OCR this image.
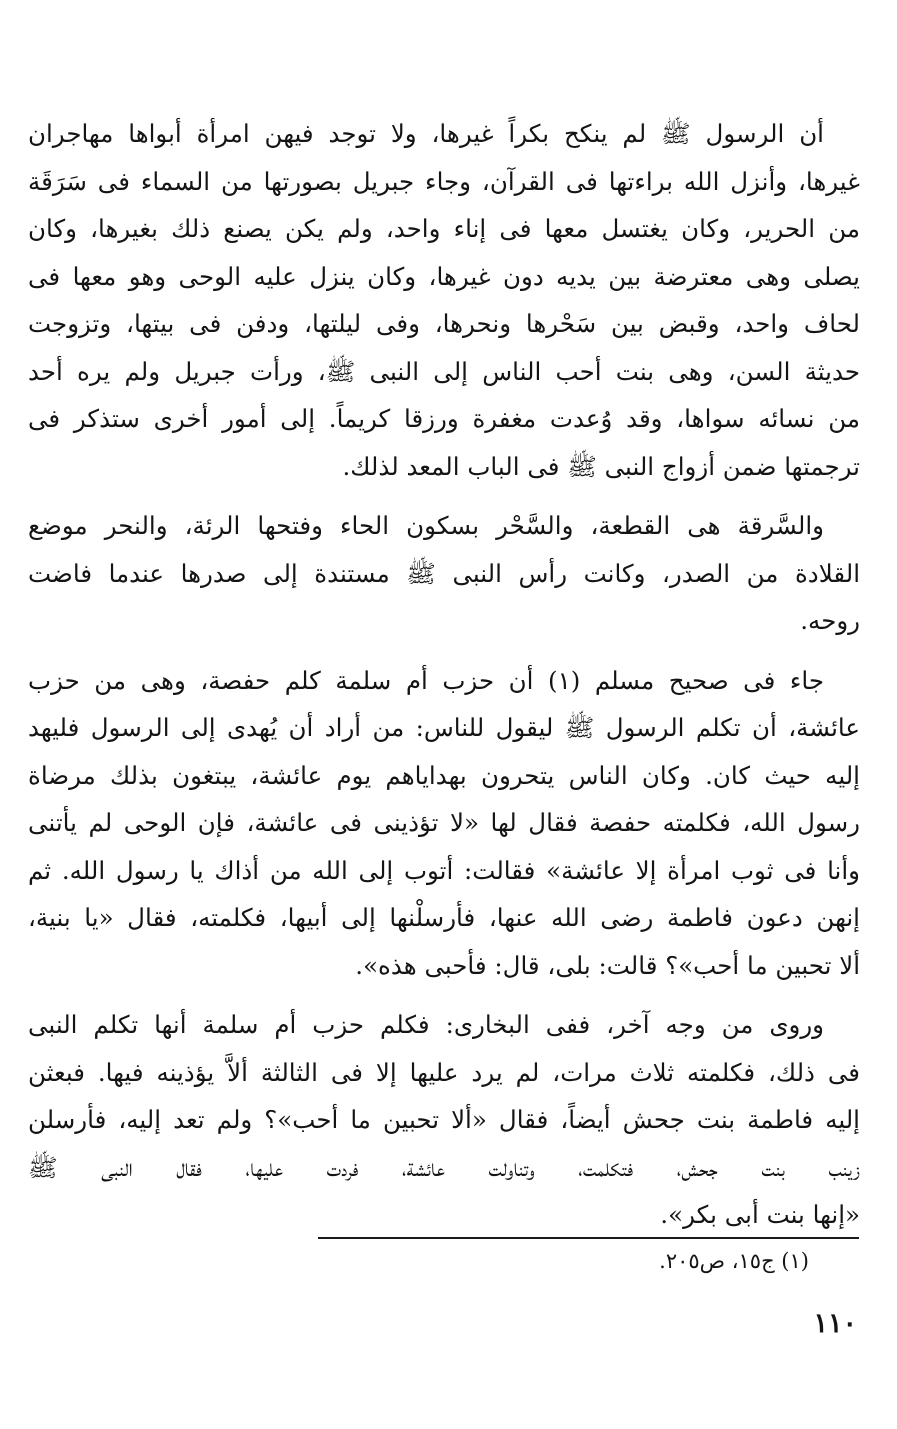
أن الرسول ﷺ لم ينكح بكراً غيرها، ولا توجد فيهن امرأة أبواها مهاجران
غيرها، وأنزل الله براءتها فى القرآن، وجاء جبريل بصورتها من السماء فى سَرَقَة
من الحرير، وكان يغتسل معها فى إناء واحد، ولم يكن يصنع ذلك بغيرها، وكان
يصلى وهى معترضة بين يديه دون غيرها، وكان ينزل عليه الوحى وهو معها فى
لحاف واحد، وقبض بين سَحْرها ونحرها، وفى ليلتها، ودفن فى بيتها، وتزوجت
حديثة السن، وهى بنت أحب الناس إلى النبى ﷺ، ورأت جبريل ولم يره أحد
من نسائه سواها، وقد وُعدت مغفرة ورزقا كريماً. إلى أمور أخرى ستذكر فى
ترجمتها ضمن أزواج النبى ﷺ فى الباب المعد لذلك.

والسَّرقة هى القطعة، والسَّحْر بسكون الحاء وفتحها الرئة، والنحر موضع
القلادة من الصدر، وكانت رأس النبى ﷺ مستندة إلى صدرها عندما فاضت
روحه.

جاء فى صحيح مسلم (١) أن حزب أم سلمة كلم حفصة، وهى من حزب
عائشة، أن تكلم الرسول ﷺ ليقول للناس: من أراد أن يُهدى إلى الرسول فليهد
إليه حيث كان. وكان الناس يتحرون بهداياهم يوم عائشة، يبتغون بذلك مرضاة
رسول الله، فكلمته حفصة فقال لها «لا تؤذينى فى عائشة، فإن الوحى لم يأتنى
وأنا فى ثوب امرأة إلا عائشة» فقالت: أتوب إلى الله من أذاك يا رسول الله. ثم
إنهن دعون فاطمة رضى الله عنها، فأرسلْنها إلى أبيها، فكلمته، فقال «يا بنية،
ألا تحبين ما أحب»؟ قالت: بلى، قال: فأحبى هذه».

وروى من وجه آخر، ففى البخارى: فكلم حزب أم سلمة أنها تكلم النبى
فى ذلك، فكلمته ثلاث مرات، لم يرد عليها إلا فى الثالثة ألاَّ يؤذينه فيها. فبعثن
إليه فاطمة بنت جحش أيضاً، فقال «ألا تحبين ما أحب»؟ ولم تعد إليه، فأرسلن
زينب بنت جحش، فتكلمت، وتناولت عائشة، فردت عليها، فقال النبى ﷺ
«إنها بنت أبى بكر».

(١) ج١٥، ص٢٠٥.
١١٠
